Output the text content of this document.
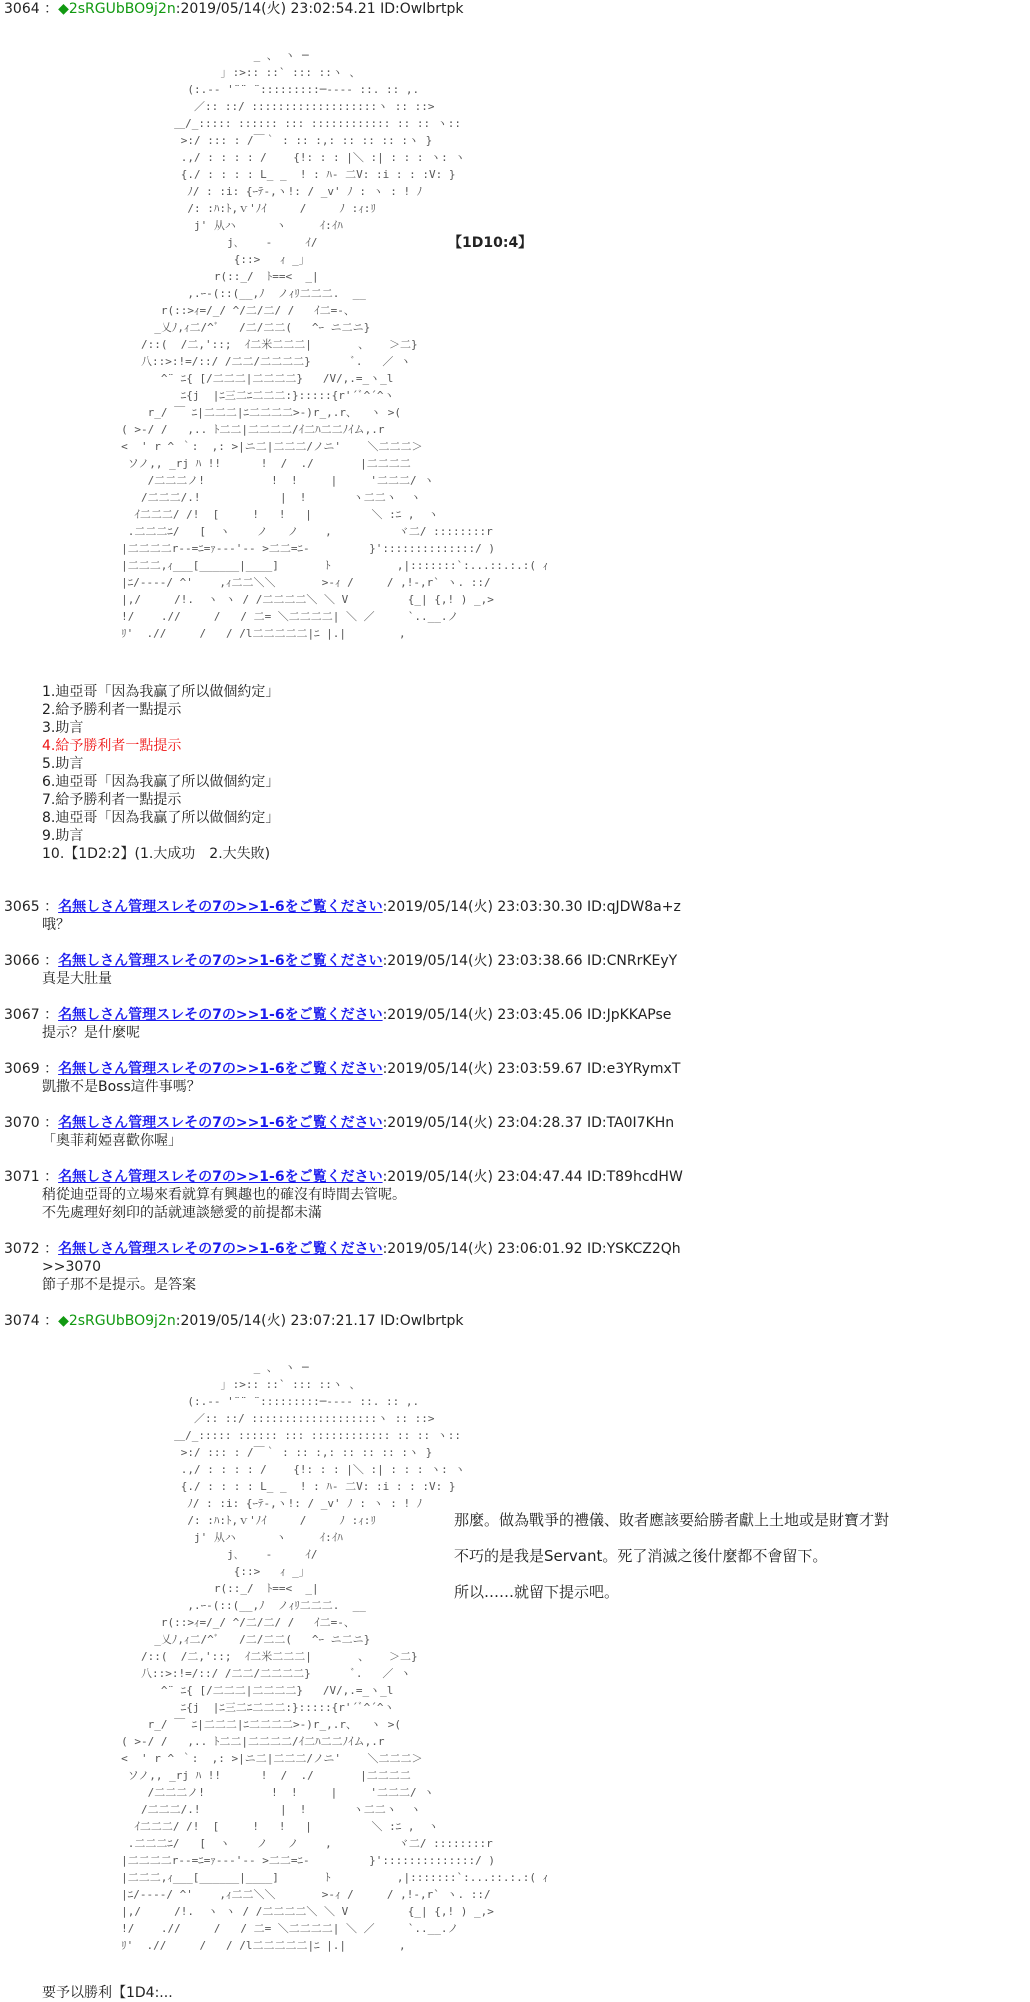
3064 ：◆2sRGUbBO9j2n:2019/05/14(火) 23:02:54.21 ID:OwIbrtpk

_ 、 ヽ ─
｣ :>:: ::` ::: ::ヽ 、
(:.-‐ '¨¨ ¨:::::::::─‐‐‐- ::. :: ,.
／:: ::/ :::::::::::::::::::ヽ :: ::>
＿/_::::: :::::: ::: :::::::::::: :: :: ヽ::
>:/ ::: : /￣｀ : :: :,: :: :: :: :ヽ }
.,/ : : : : /    {!: : : |＼ :| : : : ヽ: ヽ
{./ : : : : L_ _  ! : ﾊ- 二V: :i : : :V: }
ﾉ/ : :i: {ｰﾃ-,ヽ!: / _v' ﾉ : ヽ : ! ﾉ
/: :ﾊ:ﾄ,ｖ'ﾉｲ     /     ﾉ :ｨ:ﾘ
j' 从ハ      ヽ     ｲ:ｲﾊ
j､    ‐     ｲ/
{::>   ｨ _｣
r(::_/  ﾄ==<  _|
,.ｰ‐(::(__,ﾉ  ノｨﾘ二二二.  __
r(::>ｨ=/_/ ^/二/二/ /   ｲ二=-、
_乂ﾉ,ｨ二/^ﾞ   /二/二二(   ^ｰ ニ二ニ}
/::(  /二,'::;  ｲ二米二二二|       、   ＞二}
八::>:!=/::/ /二二/二二二二}      ﾞ.   ／ ヽ
^¨ ﾆ{ [/二二二|二二二二}   /V/,.=_ヽ_l
ﾆ{j  |ﾆ三二ﾆ二二二:}:::::{r'´ﾞ^´^ヽ
r_/ ￣ ﾆ|二二二|ﾆ二二二二>-)r_,.r、  ヽ >(
( >-/ /   ,.. ﾄ二二|二二二二/ｲ二ﾊ二二ﾉｲム,.r
<  ' r ^ ｀:  ,: >|ニ二|二二二/ノニ'    ＼二二二＞
ソノ,, _rj ﾊ !!      !  /  ./       |二二二二
/二二二ノ!          !  !     |     '二二二/ ヽ
/二二二/.!            |  !       ヽ二二ヽ  ヽ
ｲ二二二/ /!  [     !   !   |         ＼ :ﾆ ,  ヽ
.二二二ﾆ/   [  ヽ    ノ   ノ    ,          ヾ二/ ::::::::r
|二二二二r‐‐=ﾆ=ｧ‐‐‐'‐‐ >二二=ﾆ-         }'::::::::::::::/ )
|二二二,ｨ___[______|____]       ﾄ          ,|:::::::`:...::.:.:( ｨ
|ﾆ/‐‐‐-/ ^'    ,ｨ二二＼＼       >-ｨ /     / ,!-,r` ヽ. ::/
|,/     /!.  ヽ ヽ / /二二二二＼ ＼ V         {_| {,! ) _,>
!/    .//     /   / 二= ＼二二二二| ＼ ／     `..__.ノ
ﾘ'  .//     /   / /l二二二二二|ﾆ |.|        ,

【1D10:4】
1.迪亞哥「因為我贏了所以做個約定」
2.給予勝利者一點提示
3.助言
4.給予勝利者一點提示
5.助言
6.迪亞哥「因為我贏了所以做個約定」
7.給予勝利者一點提示
8.迪亞哥「因為我贏了所以做個約定」
9.助言
10.【1D2:2】(1.大成功　2.大失敗)
3065 ：名無しさん管理スレその7の>>1-6をご覧ください:2019/05/14(火) 23:03:30.30 ID:qJDW8a+z
哦？
3066 ：名無しさん管理スレその7の>>1-6をご覧ください:2019/05/14(火) 23:03:38.66 ID:CNRrKEyY
真是大肚量
3067 ：名無しさん管理スレその7の>>1-6をご覧ください:2019/05/14(火) 23:03:45.06 ID:JpKKAPse
提示？是什麼呢
3069 ：名無しさん管理スレその7の>>1-6をご覧ください:2019/05/14(火) 23:03:59.67 ID:e3YRymxT
凱撒不是Boss這件事嗎？
3070 ：名無しさん管理スレその7の>>1-6をご覧ください:2019/05/14(火) 23:04:28.37 ID:TA0I7KHn
「奧菲莉婭喜歡你喔」
3071 ：名無しさん管理スレその7の>>1-6をご覧ください:2019/05/14(火) 23:04:47.44 ID:T89hcdHW
稍從迪亞哥的立場來看就算有興趣也的確沒有時間去管呢。
不先處理好刻印的話就連談戀愛的前提都未滿
3072 ：名無しさん管理スレその7の>>1-6をご覧ください:2019/05/14(火) 23:06:01.92 ID:YSKCZ2Qh
>>3070
節子那不是提示。是答案
3074 ：◆2sRGUbBO9j2n:2019/05/14(火) 23:07:21.17 ID:OwIbrtpk

_ 、 ヽ ─
｣ :>:: ::` ::: ::ヽ 、
(:.-‐ '¨¨ ¨:::::::::─‐‐‐- ::. :: ,.
／:: ::/ :::::::::::::::::::ヽ :: ::>
＿/_::::: :::::: ::: :::::::::::: :: :: ヽ::
>:/ ::: : /￣｀ : :: :,: :: :: :: :ヽ }
.,/ : : : : /    {!: : : |＼ :| : : : ヽ: ヽ
{./ : : : : L_ _  ! : ﾊ- 二V: :i : : :V: }
ﾉ/ : :i: {ｰﾃ-,ヽ!: / _v' ﾉ : ヽ : ! ﾉ
/: :ﾊ:ﾄ,ｖ'ﾉｲ     /     ﾉ :ｨ:ﾘ
j' 从ハ      ヽ     ｲ:ｲﾊ
j､    ‐     ｲ/
{::>   ｨ _｣
r(::_/  ﾄ==<  _|
,.ｰ‐(::(__,ﾉ  ノｨﾘ二二二.  __
r(::>ｨ=/_/ ^/二/二/ /   ｲ二=-、
_乂ﾉ,ｨ二/^ﾞ   /二/二二(   ^ｰ ニ二ニ}
/::(  /二,'::;  ｲ二米二二二|       、   ＞二}
八::>:!=/::/ /二二/二二二二}      ﾞ.   ／ ヽ
^¨ ﾆ{ [/二二二|二二二二}   /V/,.=_ヽ_l
ﾆ{j  |ﾆ三二ﾆ二二二:}:::::{r'´ﾞ^´^ヽ
r_/ ￣ ﾆ|二二二|ﾆ二二二二>-)r_,.r、  ヽ >(
( >-/ /   ,.. ﾄ二二|二二二二/ｲ二ﾊ二二ﾉｲム,.r
<  ' r ^ ｀:  ,: >|ニ二|二二二/ノニ'    ＼二二二＞
ソノ,, _rj ﾊ !!      !  /  ./       |二二二二
/二二二ノ!          !  !     |     '二二二/ ヽ
/二二二/.!            |  !       ヽ二二ヽ  ヽ
ｲ二二二/ /!  [     !   !   |         ＼ :ﾆ ,  ヽ
.二二二ﾆ/   [  ヽ    ノ   ノ    ,          ヾ二/ ::::::::r
|二二二二r‐‐=ﾆ=ｧ‐‐‐'‐‐ >二二=ﾆ-         }'::::::::::::::/ )
|二二二,ｨ___[______|____]       ﾄ          ,|:::::::`:...::.:.:( ｨ
|ﾆ/‐‐‐-/ ^'    ,ｨ二二＼＼       >-ｨ /     / ,!-,r` ヽ. ::/
|,/     /!.  ヽ ヽ / /二二二二＼ ＼ V         {_| {,! ) _,>
!/    .//     /   / 二= ＼二二二二| ＼ ／     `..__.ノ
ﾘ'  .//     /   / /l二二二二二|ﾆ |.|        ,

那麼。做為戰爭的禮儀、敗者應該要給勝者獻上土地或是財寶才對
不巧的是我是Servant。死了消滅之後什麼都不會留下。
所以……就留下提示吧。
要予以勝利【1D4:...
